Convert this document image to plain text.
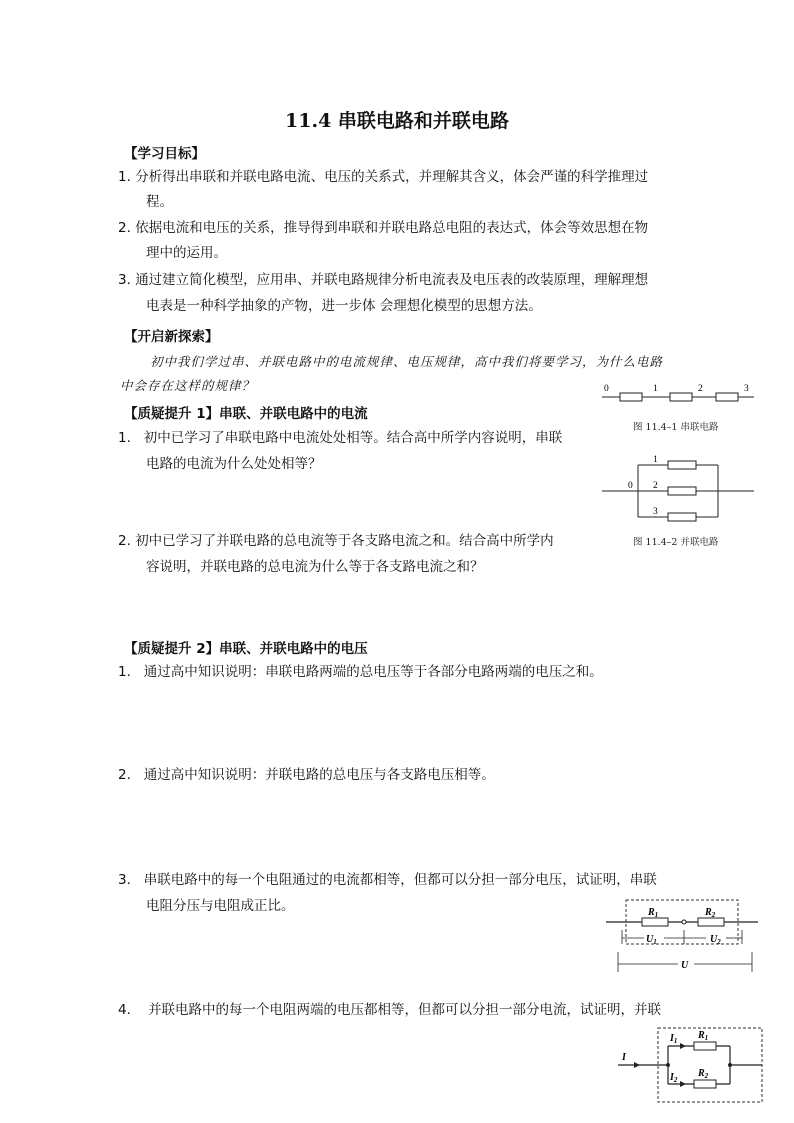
11.4 串联电路和并联电路
【学习目标】
1. 分析得出串联和并联电路电流、电压的关系式，并理解其含义，体会严谨的科学推理过
程。
2. 依据电流和电压的关系，推导得到串联和并联电路总电阻的表达式，体会等效思想在物
理中的运用。
3. 通过建立简化模型，应用串、并联电路规律分析电流表及电压表的改装原理，理解理想
电表是一种科学抽象的产物，进一步体 会理想化模型的思想方法。
【开启新探索】
初中我们学过串、并联电路中的电流规律、电压规律，高中我们将要学习，为什么电路
中会存在这样的规律？
【质疑提升 1】串联、并联电路中的电流
1. 初中已学习了串联电路中电流处处相等。结合高中所学内容说明，串联
电路的电流为什么处处相等？
2. 初中已学习了并联电路的总电流等于各支路电流之和。结合高中所学内
容说明，并联电路的总电流为什么等于各支路电流之和？
【质疑提升 2】串联、并联电路中的电压
1. 通过高中知识说明：串联电路两端的总电压等于各部分电路两端的电压之和。
2. 通过高中知识说明：并联电路的总电压与各支路电压相等。
3. 串联电路中的每一个电阻通过的电流都相等，但都可以分担一部分电压，试证明，串联
电阻分压与电阻成正比。
4. 并联电路中的每一个电阻两端的电压都相等，但都可以分担一部分电流，试证明，并联
0	1	2	3
图 11.4–1 串联电路
0
1
2
3
图 11.4–2 并联电路
$R_1$	$R_2$
$U_1$	$U_2$
U
I
$I_1$
$I_2$
$R_1$
$R_2$
